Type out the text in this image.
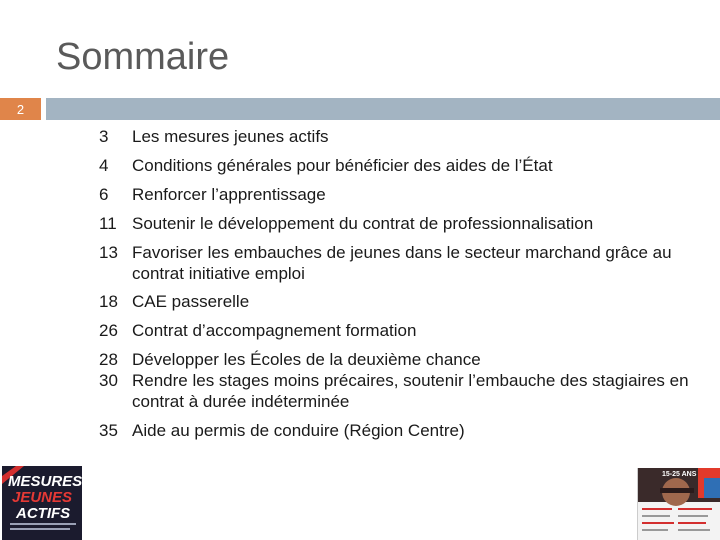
Sommaire
2
3	Les mesures jeunes actifs
4	Conditions générales pour bénéficier des aides de l’État
6	Renforcer l’apprentissage
11 Soutenir le développement du contrat de professionnalisation
13 Favoriser les embauches de jeunes dans le secteur marchand grâce au contrat initiative emploi
18 CAE passerelle
26 Contrat d’accompagnement formation
28 Développer les Écoles de la deuxième chance
30 Rendre les stages moins précaires, soutenir l’embauche des stagiaires en contrat à durée indéterminée
35 Aide au permis de conduire (Région Centre)
MESURES
JEUNES
ACTIFS
15-25 ANS
